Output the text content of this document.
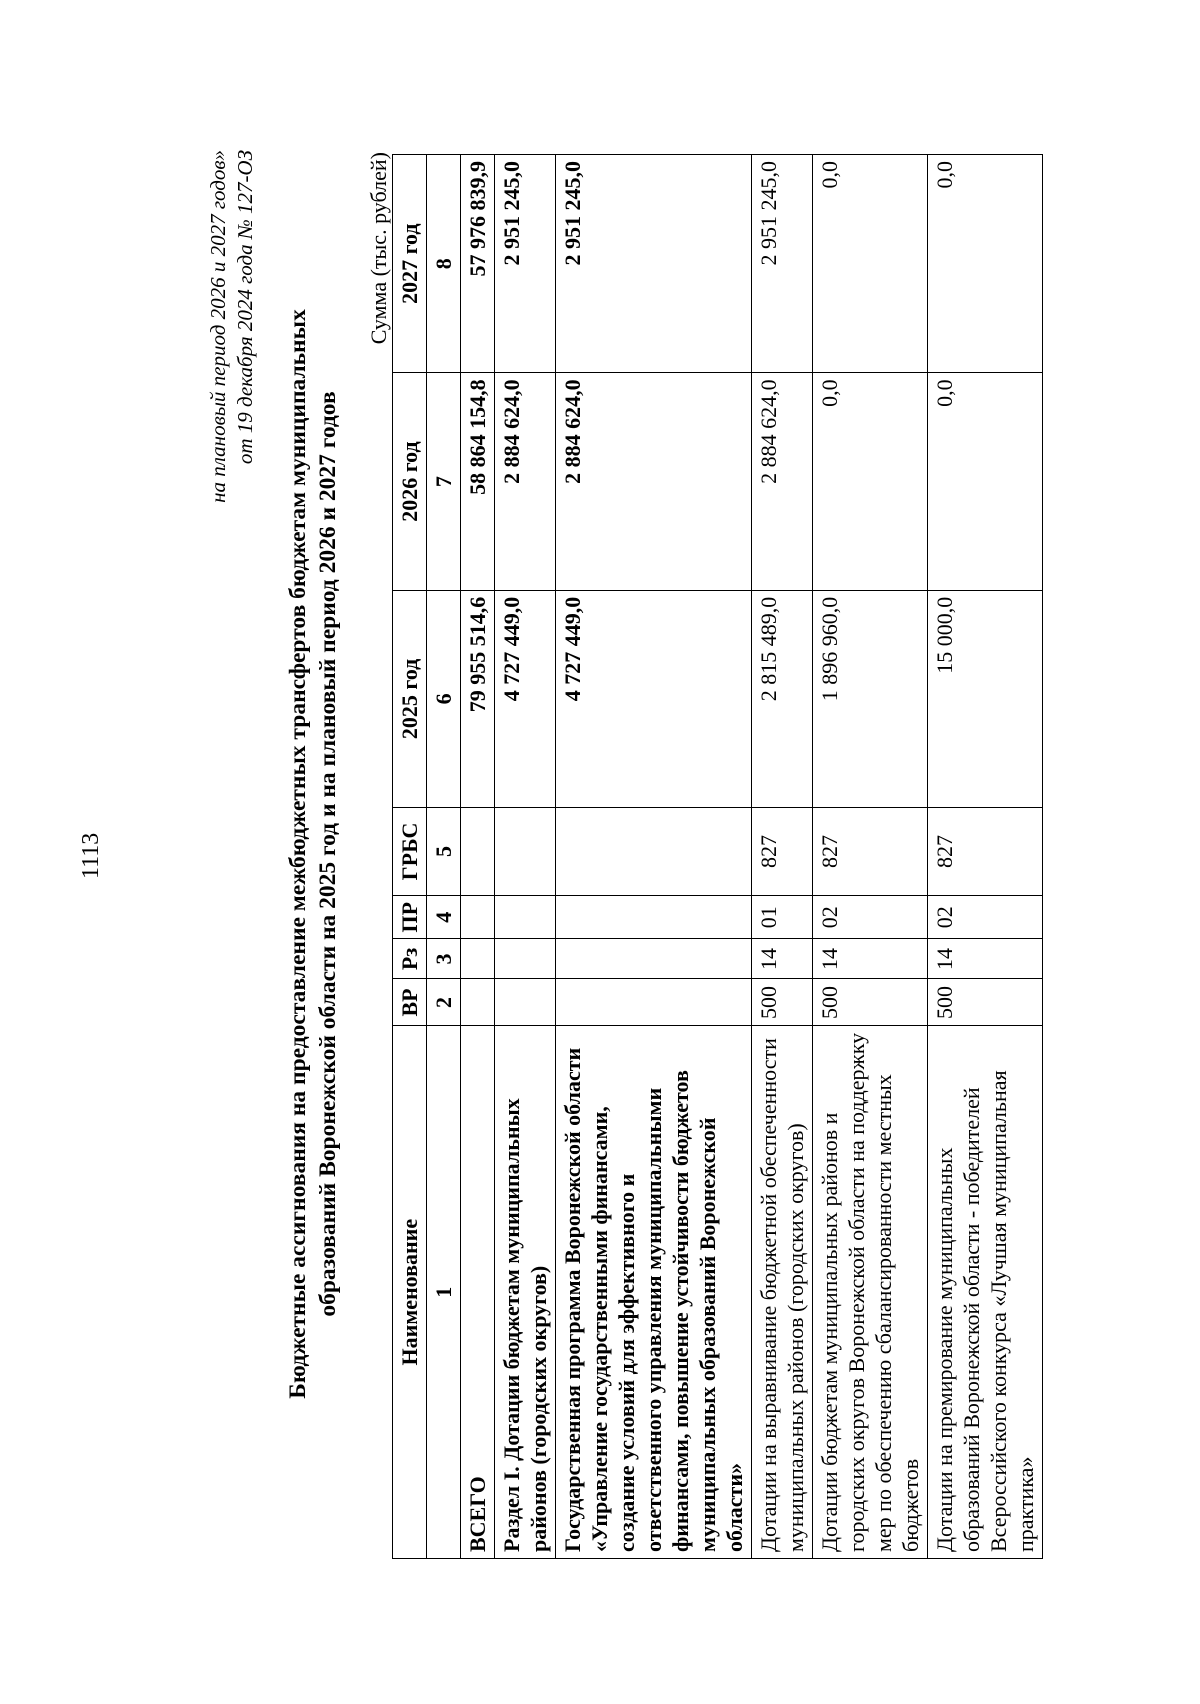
1113
на плановый период 2026 и 2027 годов» от 19 декабря 2024 года № 127-ОЗ
Бюджетные ассигнования на предоставление межбюджетных трансфертов бюджетам муниципальных образований Воронежской области на 2025 год и на плановый период 2026 и 2027 годов
Сумма (тыс. рублей)
Наименование	ВР	Рз	ПР	ГРБС	2025 год	2026 год	2027 год
1	2	3	4	5	6	7	8
ВСЕГО					79 955 514,6	58 864 154,8	57 976 839,9
Раздел I. Дотации бюджетам муниципальных районов (городских округов)					4 727 449,0	2 884 624,0	2 951 245,0
Государственная программа Воронежской области «Управление государственными финансами, создание условий для эффективного и ответственного управления муниципальными финансами, повышение устойчивости бюджетов муниципальных образований Воронежской области»					4 727 449,0	2 884 624,0	2 951 245,0
Дотации на выравнивание бюджетной обеспеченности муниципальных районов (городских округов)	500	14	01	827	2 815 489,0	2 884 624,0	2 951 245,0
Дотации бюджетам муниципальных районов и городских округов Воронежской области на поддержку мер по обеспечению сбалансированности местных бюджетов	500	14	02	827	1 896 960,0	0,0	0,0
Дотации на премирование муниципальных образований Воронежской области - победителей Всероссийского конкурса «Лучшая муниципальная практика»	500	14	02	827	15 000,0	0,0	0,0
